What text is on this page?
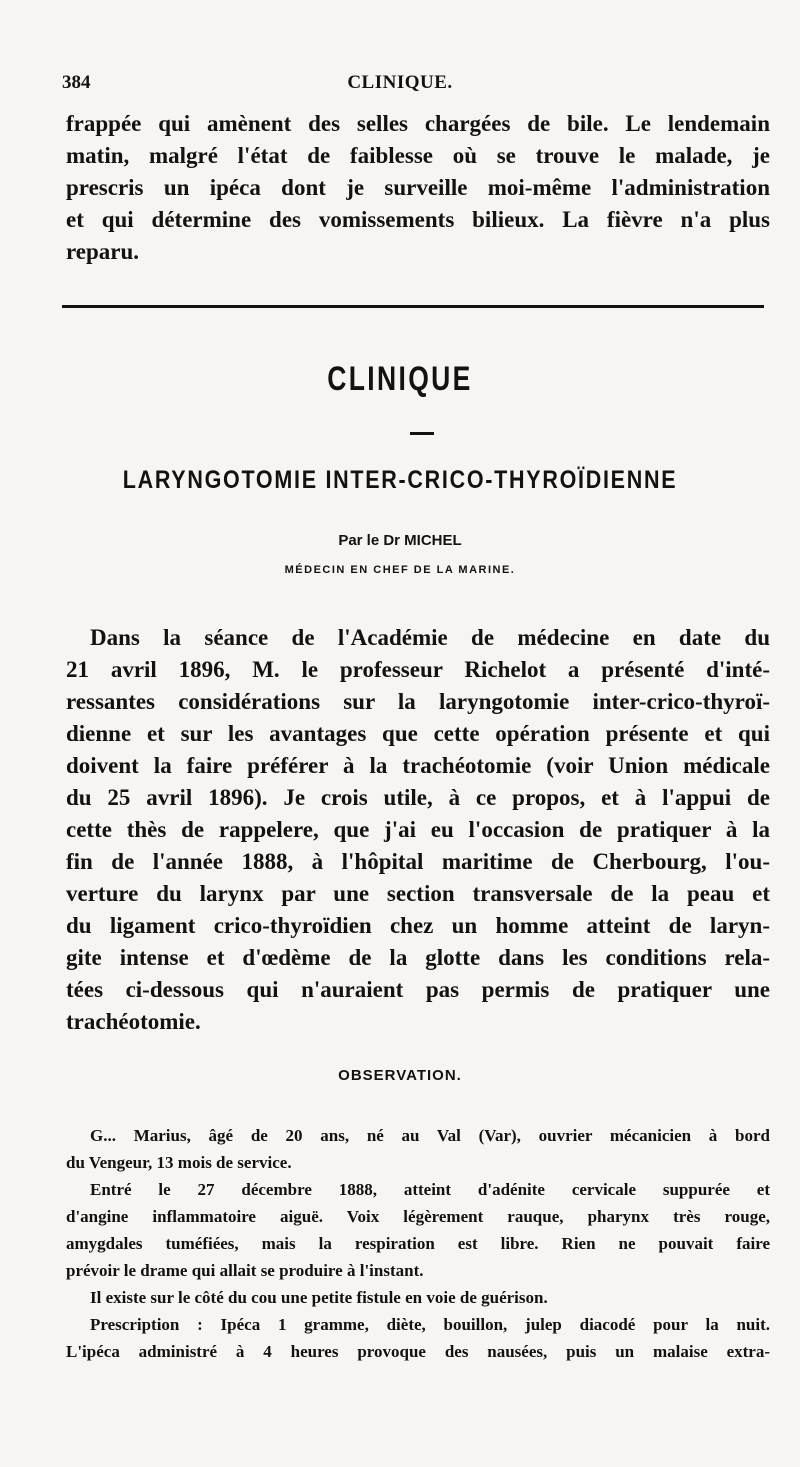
384	CLINIQUE.

frappée qui amènent des selles chargées de bile. Le lendemain
matin, malgré l'état de faiblesse où se trouve le malade, je
prescris un ipéca dont je surveille moi-même l'administration
et qui détermine des vomissements bilieux. La fièvre n'a plus
reparu.

CLINIQUE
LARYNGOTOMIE INTER-CRICO-THYROÏDIENNE
Par le Dr MICHEL
MÉDECIN EN CHEF DE LA MARINE.

Dans la séance de l'Académie de médecine en date du
21 avril 1896, M. le professeur Richelot a présenté d'inté-
ressantes considérations sur la laryngotomie inter-crico-thyroï-
dienne et sur les avantages que cette opération présente et qui
doivent la faire préférer à la trachéotomie (voir Union médicale
du 25 avril 1896). Je crois utile, à ce propos, et à l'appui de
cette thès de rappelere, que j'ai eu l'occasion de pratiquer à la
fin de l'année 1888, à l'hôpital maritime de Cherbourg, l'ou-
verture du larynx par une section transversale de la peau et
du ligament crico-thyroïdien chez un homme atteint de laryn-
gite intense et d'œdème de la glotte dans les conditions rela-
tées ci-dessous qui n'auraient pas permis de pratiquer une
trachéotomie.

OBSERVATION.

G... Marius, âgé de 20 ans, né au Val (Var), ouvrier mécanicien à bord
du Vengeur, 13 mois de service.
Entré le 27 décembre 1888, atteint d'adénite cervicale suppurée et
d'angine inflammatoire aiguë. Voix légèrement rauque, pharynx très rouge,
amygdales tuméfiées, mais la respiration est libre. Rien ne pouvait faire
prévoir le drame qui allait se produire à l'instant.
Il existe sur le côté du cou une petite fistule en voie de guérison.
Prescription : Ipéca 1 gramme, diète, bouillon, julep diacodé pour la nuit.
L'ipéca administré à 4 heures provoque des nausées, puis un malaise extra-
